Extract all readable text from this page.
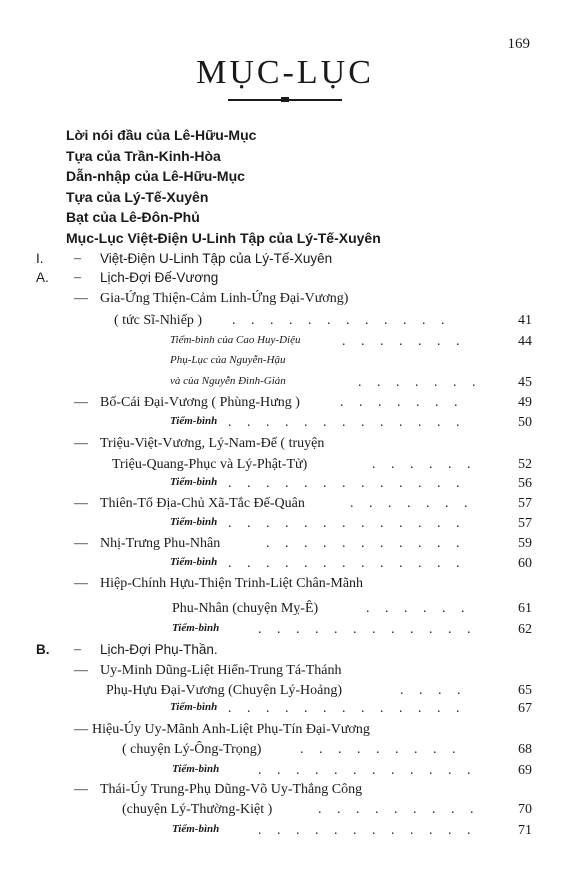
169
MỤC-LỤC
Lời nói đầu của Lê-Hữu-Mục
Tựa của Trần-Kinh-Hòa
Dẫn-nhập của Lê-Hữu-Mục
Tựa của Lý-Tế-Xuyên
Bạt của Lê-Đôn-Phủ
Mục-Lục Việt-Điện U-Linh Tập của Lý-Tế-Xuyên
I. – Việt-Điện U-Linh Tập của Lý-Tế-Xuyên
A. – Lịch-Đợi Đế-Vương
— Gia-Ứng Thiện-Cảm Linh-Ứng Đại-Vương)
( tức Sĩ-Nhiếp ) . . . . . . . . . . . .	41
Tiểm-bình của Cao Huy-Diệu	. . . . . . .	44
Phụ-Lục của Nguyễn-Hậu
và của Nguyễn Đình-Giản	. . . . . . .	45
— Bố-Cái Đại-Vương ( Phùng-Hưng )	. . . . . . .	49
Tiểm-bình . . . . . . . . . . . . .	50
— Triệu-Việt-Vương, Lý-Nam-Đế ( truyện
Triệu-Quang-Phục và Lý-Phật-Tử)	. . . . . .	52
Tiểm-bình . . . . . . . . . . . . .	56
— Thiên-Tổ Địa-Chủ Xã-Tắc Đế-Quân	. . . . . . .	57
Tiểm-bình . . . . . . . . . . . . .	57
— Nhị-Trưng Phu-Nhân	. . . . . . . . . . .	59
Tiểm-bình . . . . . . . . . . . . .	60
— Hiệp-Chính Hựu-Thiện Trinh-Liệt Chân-Mãnh
Phu-Nhân (chuyện Mỵ-Ê)	. . . . . .	61
Tiểm-bình	. . . . . . . . . . . .	62
B. – Lịch-Đợi Phụ-Thần.
— Uy-Minh Dũng-Liệt Hiển-Trung Tá-Thánh
Phụ-Hựu Đại-Vương (Chuyện Lý-Hoảng)	. . . .	65
Tiểm-bình . . . . . . . . . . . . .	67
— Hiệu-Úy Uy-Mãnh Anh-Liệt Phụ-Tín Đại-Vương
( chuyện Lý-Ông-Trọng)	. . . . . . . . .	68
Tiểm-bình	. . . . . . . . . . . .	69
— Thái-Úy Trung-Phụ Dũng-Võ Uy-Thắng Công
(chuyện Lý-Thường-Kiệt )	. . . . . . . . .	70
Tiểm-bình	. . . . . . . . . . . .	71
